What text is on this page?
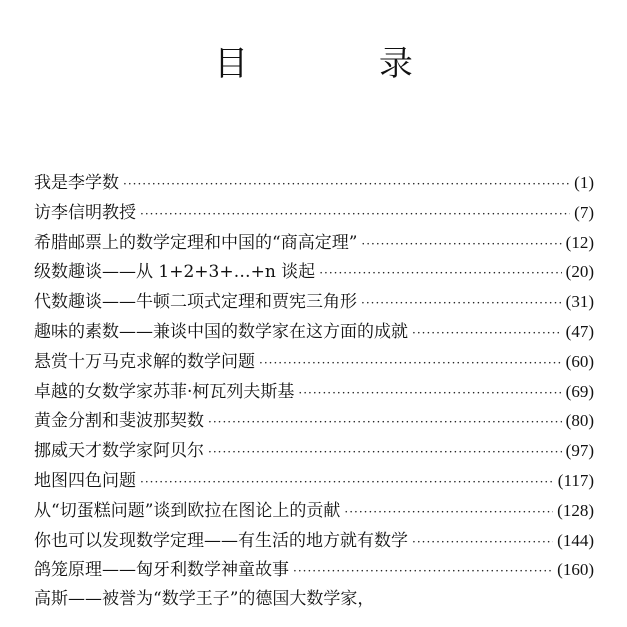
目 录
我是李学数 ·····	(1)
访李信明教授 ·····	(7)
希腊邮票上的数学定理和中国的“商高定理” ·····	(12)
级数趣谈——从 1+2+3+…+n 谈起 ·····	(20)
代数趣谈——牛顿二项式定理和贾宪三角形 ·····	(31)
趣味的素数——兼谈中国的数学家在这方面的成就 ·····	(47)
悬赏十万马克求解的数学问题 ·····	(60)
卓越的女数学家苏菲·柯瓦列夫斯基 ·····	(69)
黄金分割和斐波那契数 ·····	(80)
挪威天才数学家阿贝尔 ·····	(97)
地图四色问题 ·····	(117)
从“切蛋糕问题”谈到欧拉在图论上的贡献 ·····	(128)
你也可以发现数学定理——有生活的地方就有数学 ·····	(144)
鸽笼原理——匈牙利数学神童故事 ·····	(160)
高斯——被誉为“数学王子”的德国大数学家，
